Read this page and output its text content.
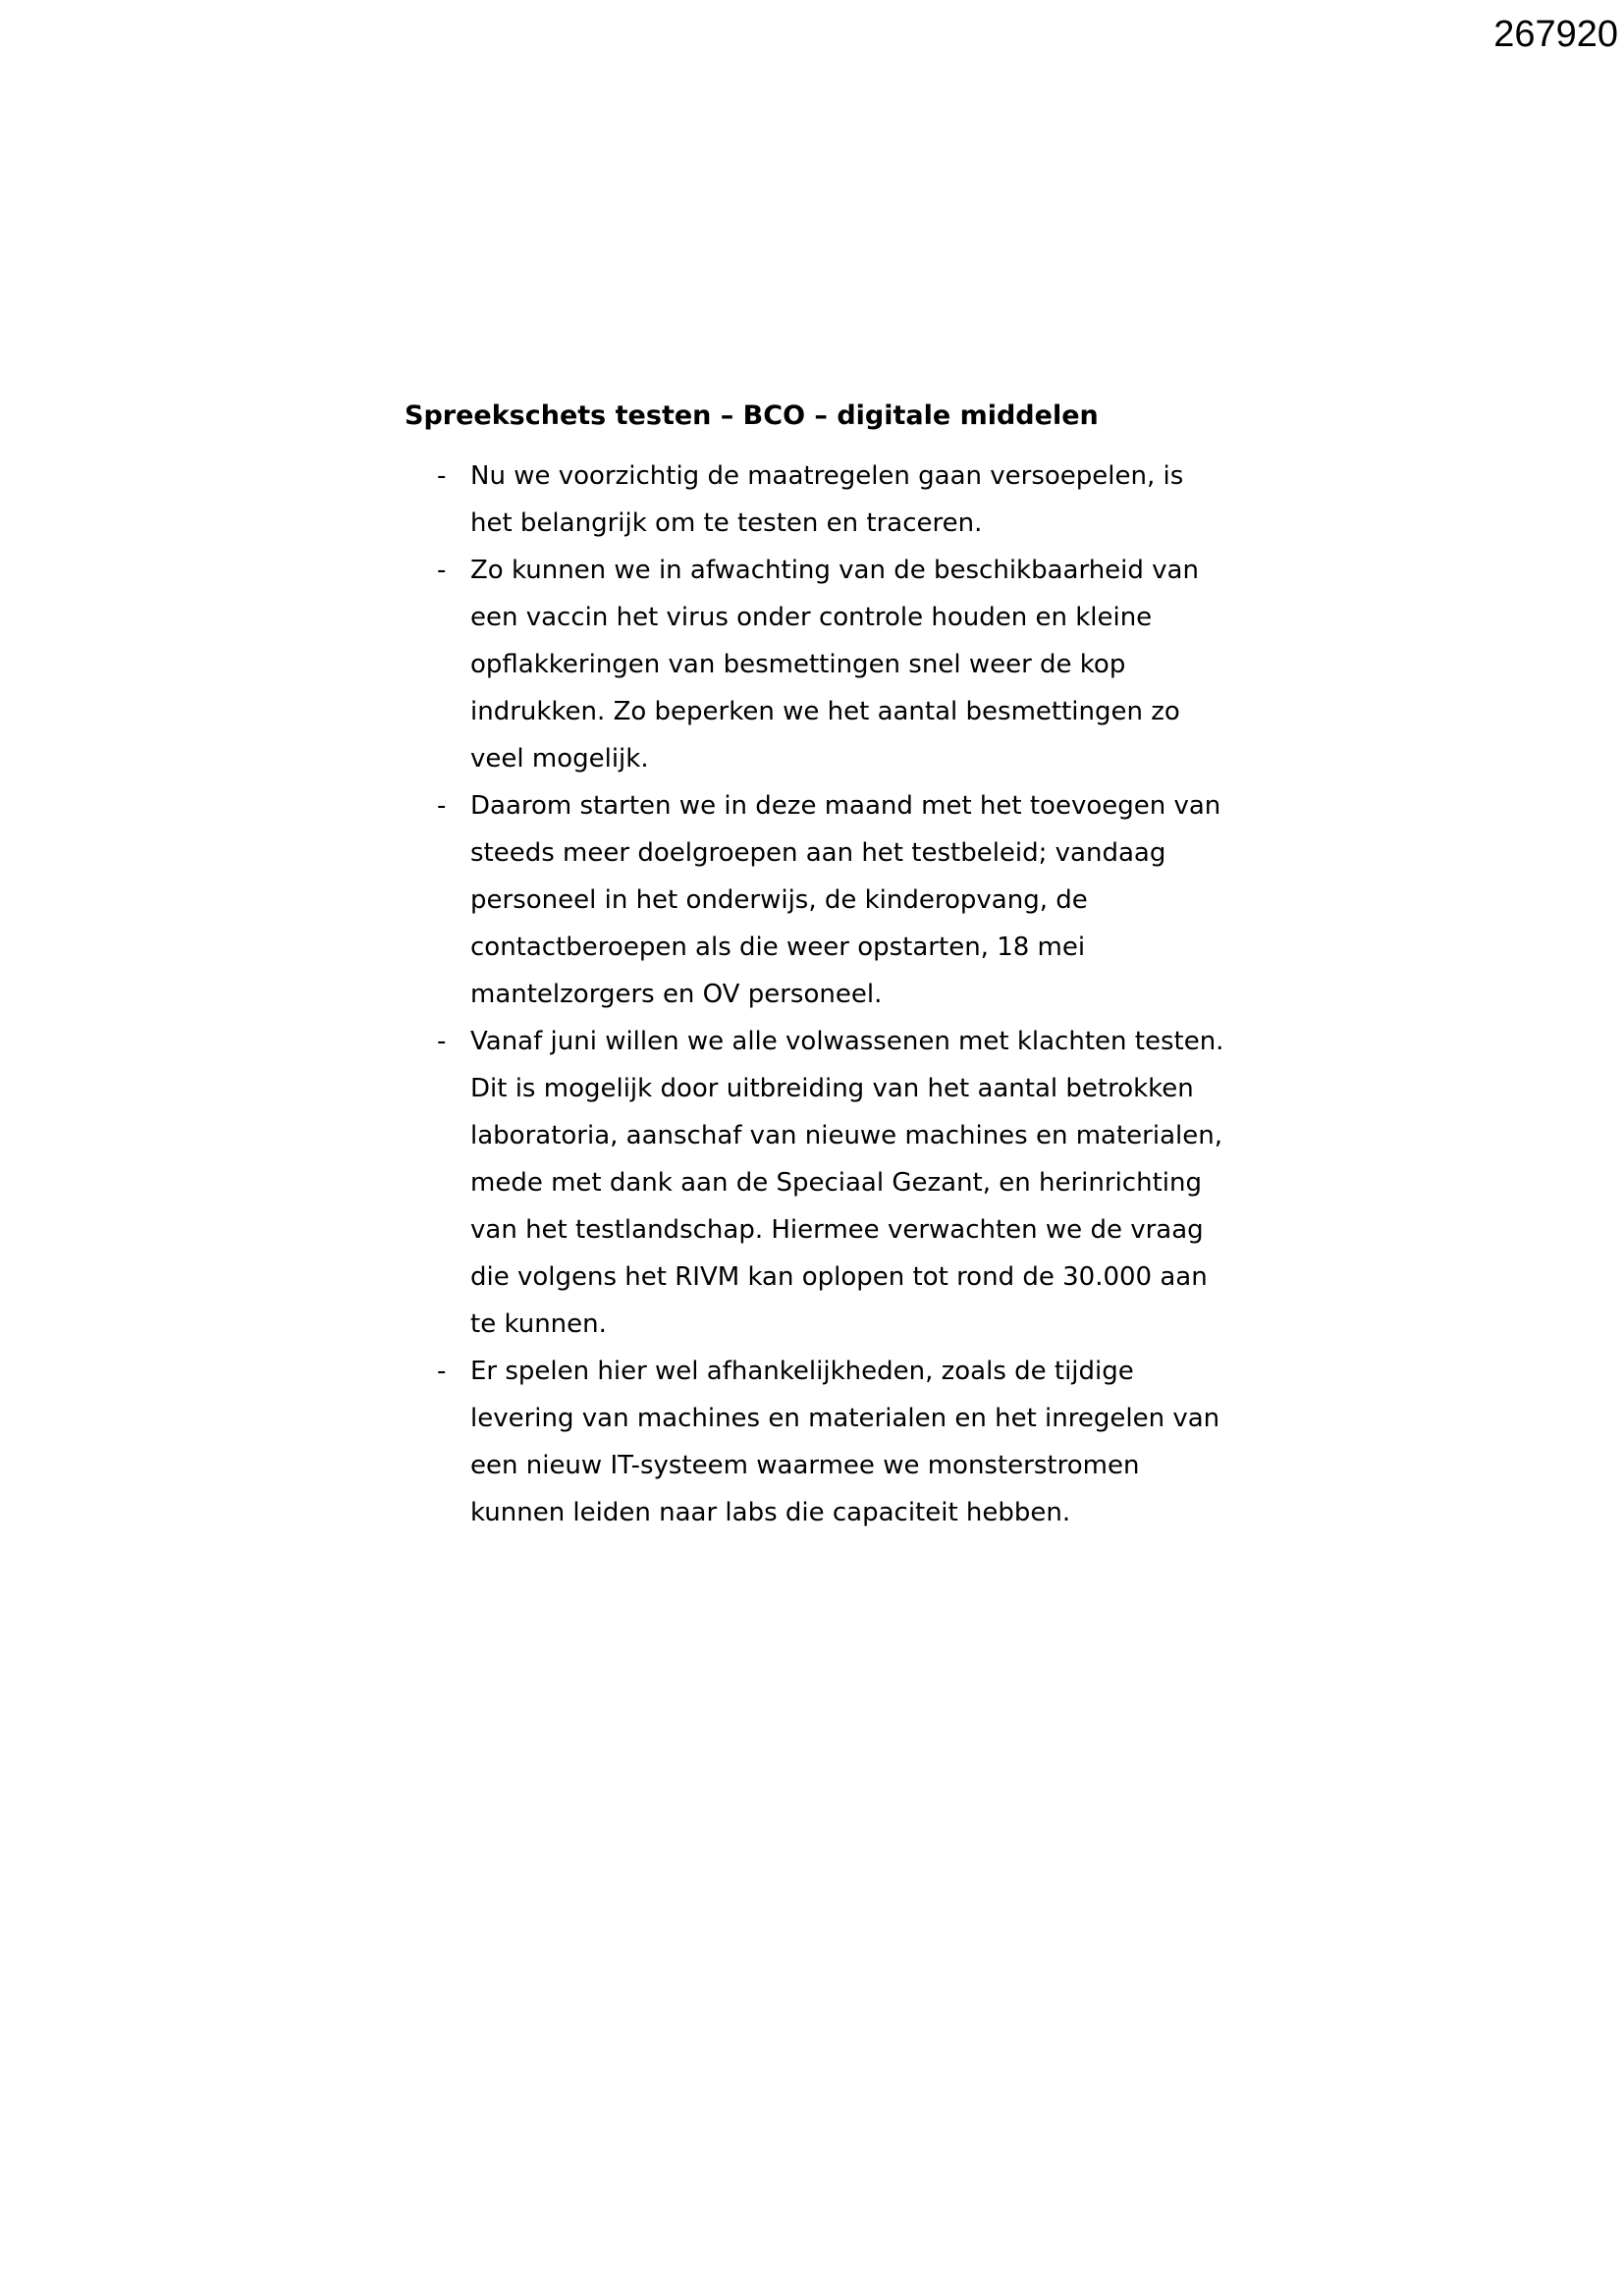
267920
Spreekschets testen – BCO – digitale middelen
- Nu we voorzichtig de maatregelen gaan versoepelen, is
het belangrijk om te testen en traceren.
- Zo kunnen we in afwachting van de beschikbaarheid van
een vaccin het virus onder controle houden en kleine
opflakkeringen van besmettingen snel weer de kop
indrukken. Zo beperken we het aantal besmettingen zo
veel mogelijk.
- Daarom starten we in deze maand met het toevoegen van
steeds meer doelgroepen aan het testbeleid; vandaag
personeel in het onderwijs, de kinderopvang, de
contactberoepen als die weer opstarten, 18 mei
mantelzorgers en OV personeel.
- Vanaf juni willen we alle volwassenen met klachten testen.
Dit is mogelijk door uitbreiding van het aantal betrokken
laboratoria, aanschaf van nieuwe machines en materialen,
mede met dank aan de Speciaal Gezant, en herinrichting
van het testlandschap. Hiermee verwachten we de vraag
die volgens het RIVM kan oplopen tot rond de 30.000 aan
te kunnen.
- Er spelen hier wel afhankelijkheden, zoals de tijdige
levering van machines en materialen en het inregelen van
een nieuw IT-systeem waarmee we monsterstromen
kunnen leiden naar labs die capaciteit hebben.
